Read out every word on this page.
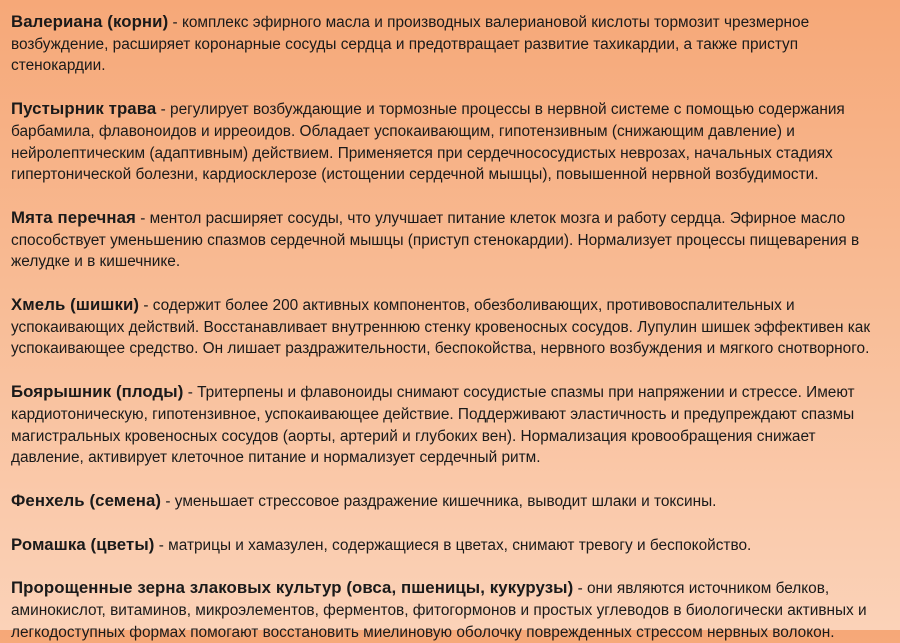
Валериана (корни) - комплекс эфирного масла и производных валериановой кислоты тормозит чрезмерное возбуждение, расширяет коронарные сосуды сердца и предотвращает развитие тахикардии, а также приступ стенокардии.

Пустырник трава - регулирует возбуждающие и тормозные процессы в нервной системе с помощью содержания барбамила, флавоноидов и ирреоидов. Обладает успокаивающим, гипотензивным (снижающим давление) и нейролептическим (адаптивным) действием. Применяется при сердечнососудистых неврозах, начальных стадиях гипертонической болезни, кардиосклерозе (истощении сердечной мышцы), повышенной нервной возбудимости.

Мята перечная - ментол расширяет сосуды, что улучшает питание клеток мозга и работу сердца. Эфирное масло способствует уменьшению спазмов сердечной мышцы (приступ стенокардии). Нормализует процессы пищеварения в желудке и в кишечнике.

Хмель (шишки) - содержит более 200 активных компонентов, обезболивающих, противовоспалительных и успокаивающих действий. Восстанавливает внутреннюю стенку кровеносных сосудов. Лупулин шишек эффективен как успокаивающее средство. Он лишает раздражительности, беспокойства, нервного возбуждения и мягкого снотворного.

Боярышник (плоды) - Тритерпены и флавоноиды снимают сосудистые спазмы при напряжении и стрессе. Имеют кардиотоническую, гипотензивное, успокаивающее действие. Поддерживают эластичность и предупреждают спазмы магистральных кровеносных сосудов (аорты, артерий и глубоких вен). Нормализация кровообращения снижает давление, активирует клеточное питание и нормализует сердечный ритм.

Фенхель (семена) - уменьшает стрессовое раздражение кишечника, выводит шлаки и токсины.

Ромашка (цветы) - матрицы и хамазулен, содержащиеся в цветах, снимают тревогу и беспокойство.

Пророщенные зерна злаковых культур (овса, пшеницы, кукурузы) - они являются источником белков, аминокислот, витаминов, микроэлементов, ферментов, фитогормонов и простых углеводов в биологически активных и легкодоступных формах помогают восстановить миелиновую оболочку поврежденных стрессом нервных волокон.
